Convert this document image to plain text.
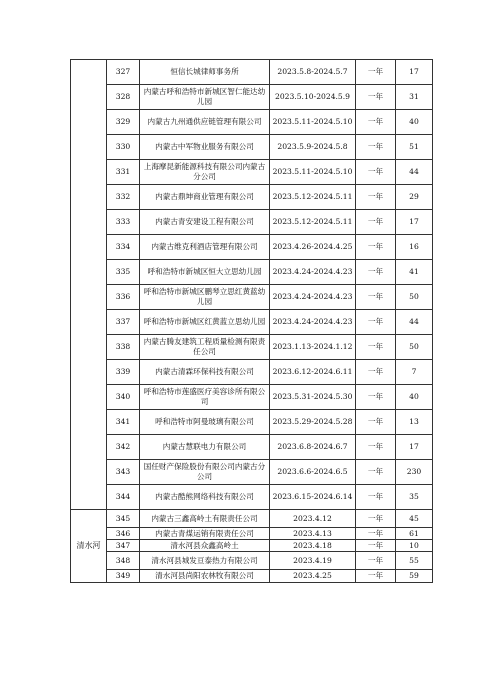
	327	恒信长城律师事务所	2023.5.8-2024.5.7	一年	17
	328	内蒙古呼和浩特市新城区智仁能达幼儿园	2023.5.10-2024.5.9	一年	31
	329	内蒙古九州通供应链管理有限公司	2023.5.11-2024.5.10	一年	40
	330	内蒙古中军物业服务有限公司	2023.5.9-2024.5.8	一年	51
	331	上海摩昆新能源科技有限公司内蒙古分公司	2023.5.11-2024.5.10	一年	44
	332	内蒙古鼎坤商业管理有限公司	2023.5.12-2024.5.11	一年	29
	333	内蒙古青安建设工程有限公司	2023.5.12-2024.5.11	一年	17
	334	内蒙古维克利酒店管理有限公司	2023.4.26-2024.4.25	一年	16
	335	呼和浩特市新城区恒大立思幼儿园	2023.4.24-2024.4.23	一年	41
	336	呼和浩特市新城区鹏琴立思红黄蓝幼儿园	2023.4.24-2024.4.23	一年	50
	337	呼和浩特市新城区红黄蓝立思幼儿园	2023.4.24-2024.4.23	一年	44
	338	内蒙古腾友建筑工程质量检测有限责任公司	2023.1.13-2024.1.12	一年	50
	339	内蒙古清霖环保科技有限公司	2023.6.12-2024.6.11	一年	7
	340	呼和浩特市莲盛医疗美容诊所有限公司	2023.5.31-2024.5.30	一年	40
	341	呼和浩特市阿曼玻璃有限公司	2023.5.29-2024.5.28	一年	13
	342	内蒙古慧联电力有限公司	2023.6.8-2024.6.7	一年	17
	343	国任财产保险股份有限公司内蒙古分公司	2023.6.6-2024.6.5	一年	230
	344	内蒙古酷熊网络科技有限公司	2023.6.15-2024.6.14	一年	35
清水河	345	内蒙古三鑫高岭土有限责任公司	2023.4.12	一年	45
	346	内蒙古青煤运销有限责任公司	2023.4.13	一年	61
	347	清水河县众鑫高岭土	2023.4.18	一年	10
	348	清水河县城发亘泰热力有限公司	2023.4.19	一年	55
	349	清水河县尚阳农林牧有限公司	2023.4.25	一年	59
